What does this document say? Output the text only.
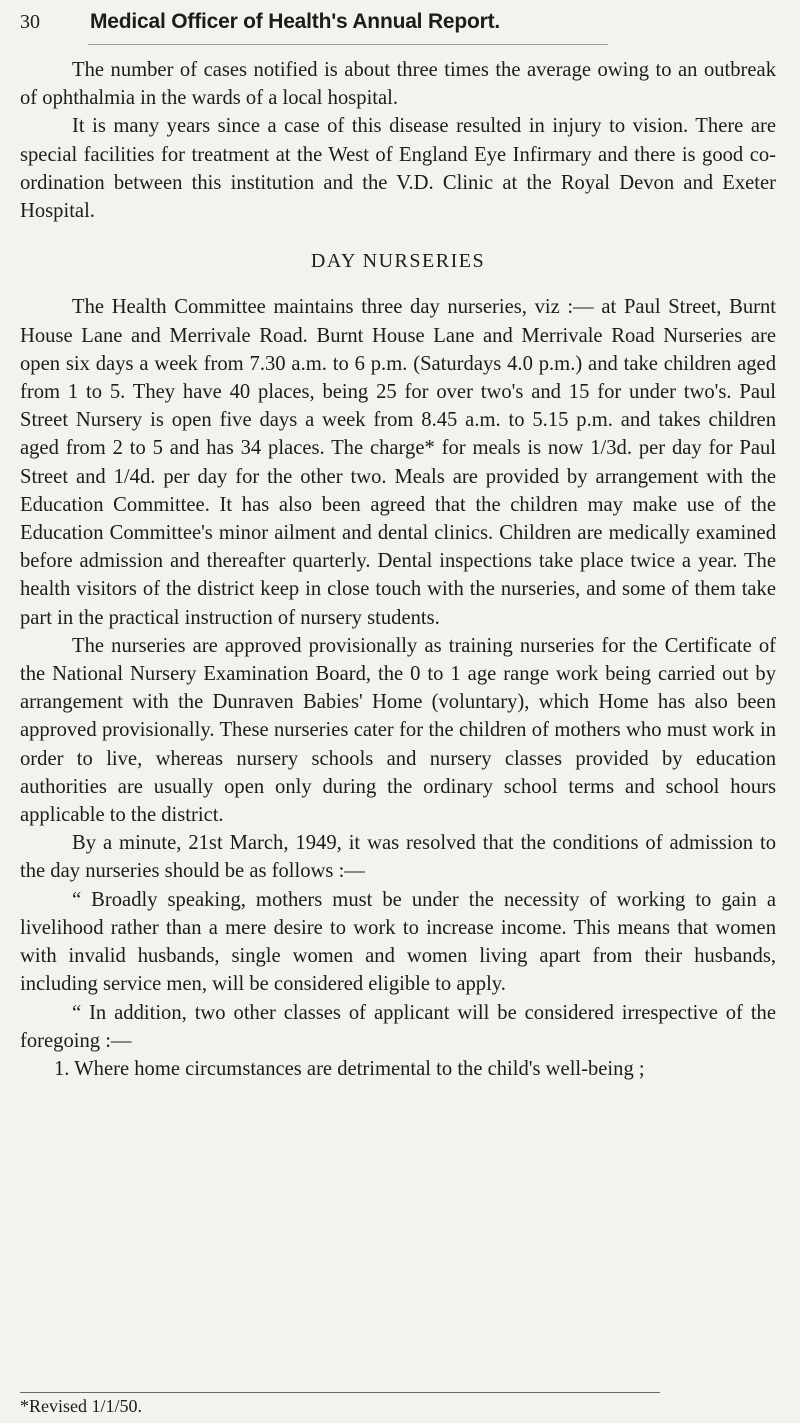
30 Medical Officer of Health's Annual Report.

The number of cases notified is about three times the average owing to an outbreak of ophthalmia in the wards of a local hospital.

It is many years since a case of this disease resulted in injury to vision. There are special facilities for treatment at the West of England Eye Infirmary and there is good co-ordination between this institution and the V.D. Clinic at the Royal Devon and Exeter Hospital.

DAY NURSERIES

The Health Committee maintains three day nurseries, viz :— at Paul Street, Burnt House Lane and Merrivale Road. Burnt House Lane and Merrivale Road Nurseries are open six days a week from 7.30 a.m. to 6 p.m. (Saturdays 4.0 p.m.) and take children aged from 1 to 5. They have 40 places, being 25 for over two's and 15 for under two's. Paul Street Nursery is open five days a week from 8.45 a.m. to 5.15 p.m. and takes children aged from 2 to 5 and has 34 places. The charge* for meals is now 1/3d. per day for Paul Street and 1/4d. per day for the other two. Meals are provided by arrangement with the Education Committee. It has also been agreed that the children may make use of the Education Committee's minor ailment and dental clinics. Children are medically examined before admission and thereafter quarterly. Dental inspections take place twice a year. The health visitors of the district keep in close touch with the nurseries, and some of them take part in the practical instruction of nursery students.

The nurseries are approved provisionally as training nurseries for the Certificate of the National Nursery Examination Board, the 0 to 1 age range work being carried out by arrangement with the Dunraven Babies' Home (voluntary), which Home has also been approved provisionally. These nurseries cater for the children of mothers who must work in order to live, whereas nursery schools and nursery classes provided by education authorities are usually open only during the ordinary school terms and school hours applicable to the district.

By a minute, 21st March, 1949, it was resolved that the conditions of admission to the day nurseries should be as follows :—

“ Broadly speaking, mothers must be under the necessity of working to gain a livelihood rather than a mere desire to work to increase income. This means that women with invalid husbands, single women and women living apart from their husbands, including service men, will be considered eligible to apply.

“ In addition, two other classes of applicant will be considered irrespective of the foregoing :—

1. Where home circumstances are detrimental to the child's well-being ;

*Revised 1/1/50.
